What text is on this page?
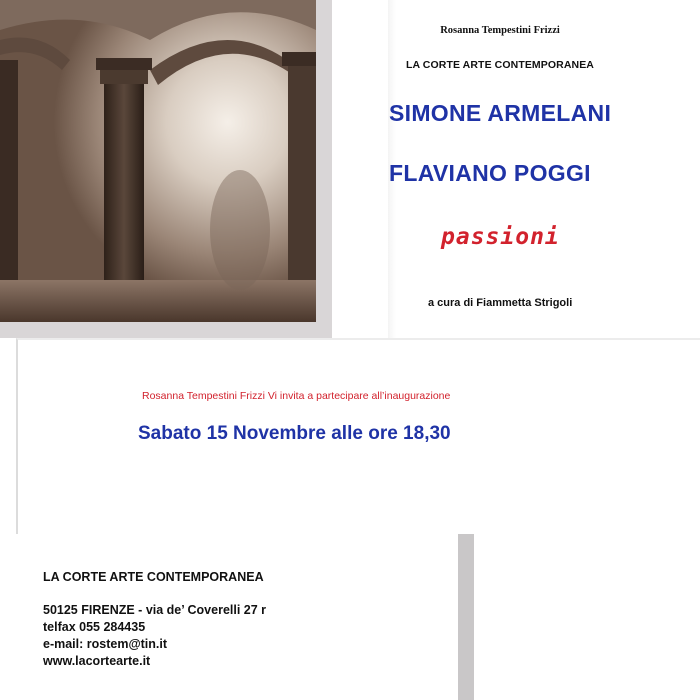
Rosanna Tempestini Frizzi
LA CORTE ARTE CONTEMPORANEA
SIMONE ARMELANI
FLAVIANO POGGI
passioni
a cura di Fiammetta Strigoli
Rosanna Tempestini Frizzi Vi invita a partecipare all’inaugurazione
Sabato 15 Novembre alle ore 18,30
LA CORTE ARTE CONTEMPORANEA
50125 FIRENZE - via de’ Coverelli 27 r
telfax 055 284435
e-mail: rostem@tin.it
www.lacortearte.it
